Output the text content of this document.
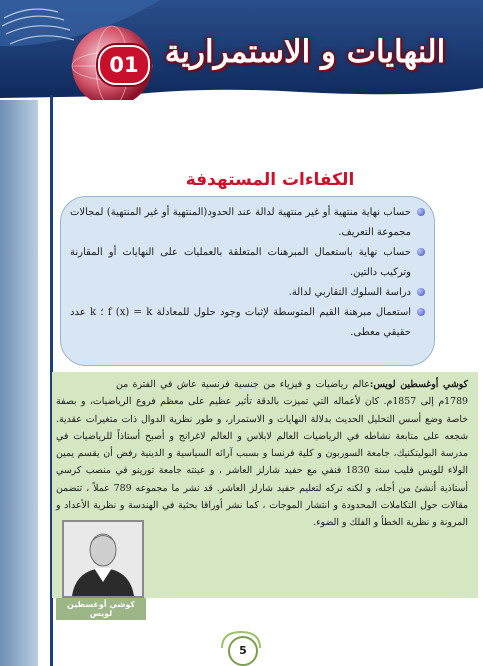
النهايات و الاستمرارية
01
الكفاءات المستهدفة
حساب نهاية منتهية أو غير منتهية لدالة عند الحدود(المنتهية أو غير المنتهية) لمجالات مجموعة التعريف.
حساب نهاية باستعمال المبرهنات المتعلقة بالعمليات على النهايات أو المقارنة وتركيب دالتين.
دراسة السلوك التقاربي لدالة.
استعمال مبرهنة القيم المتوسطة لإثبات وجود حلول للمعادلة f (x) = k ؛ k عدد حقيقي معطى.
كوشي أوغسطين لويس:
عالم رياضيات و فيزياء من جنسية فرنسية عاش في الفترة من 1789م إلى 1857م. كان لأعماله التي تميزت بالدقة تأثير عظيم على معظم فروع الرياضيات، و بصفة خاصة وضع أسس التحليل الحديث بدلالة النهايات و الاستمرار، و طور نظرية الدوال ذات متغيرات عقدية. شجعه على متابعة نشاطه في الرياضيات العالم لابلاس و العالم لاغرانج و أصبح أستاذاً للرياضيات في مدرسة البوليتكنيك، جامعة السوربون و كلية فرنسا و بسبب آرائه السياسية و الدينية رفض أن يقسم يمين الولاء للويس فليب سنة 1830 فنفي مع حفيد شارلز العاشر ، و عينته جامعة تورينو في منصب كرسي أستاذية أنشئ من أجله، و لكنه تركه لتعليم حفيد شارلز العاشر. قد نشر ما مجموعه 789 عملاً ، تتضمن مقالات حول التكاملات المحدودة و انتشار الموجات ، كما نشر أوراقا بحثية في الهندسة و نظرية الأعداد و المرونة و نظرية الخطأ و الفلك و الضوء.
كوشي أوغسطين لويس
5
